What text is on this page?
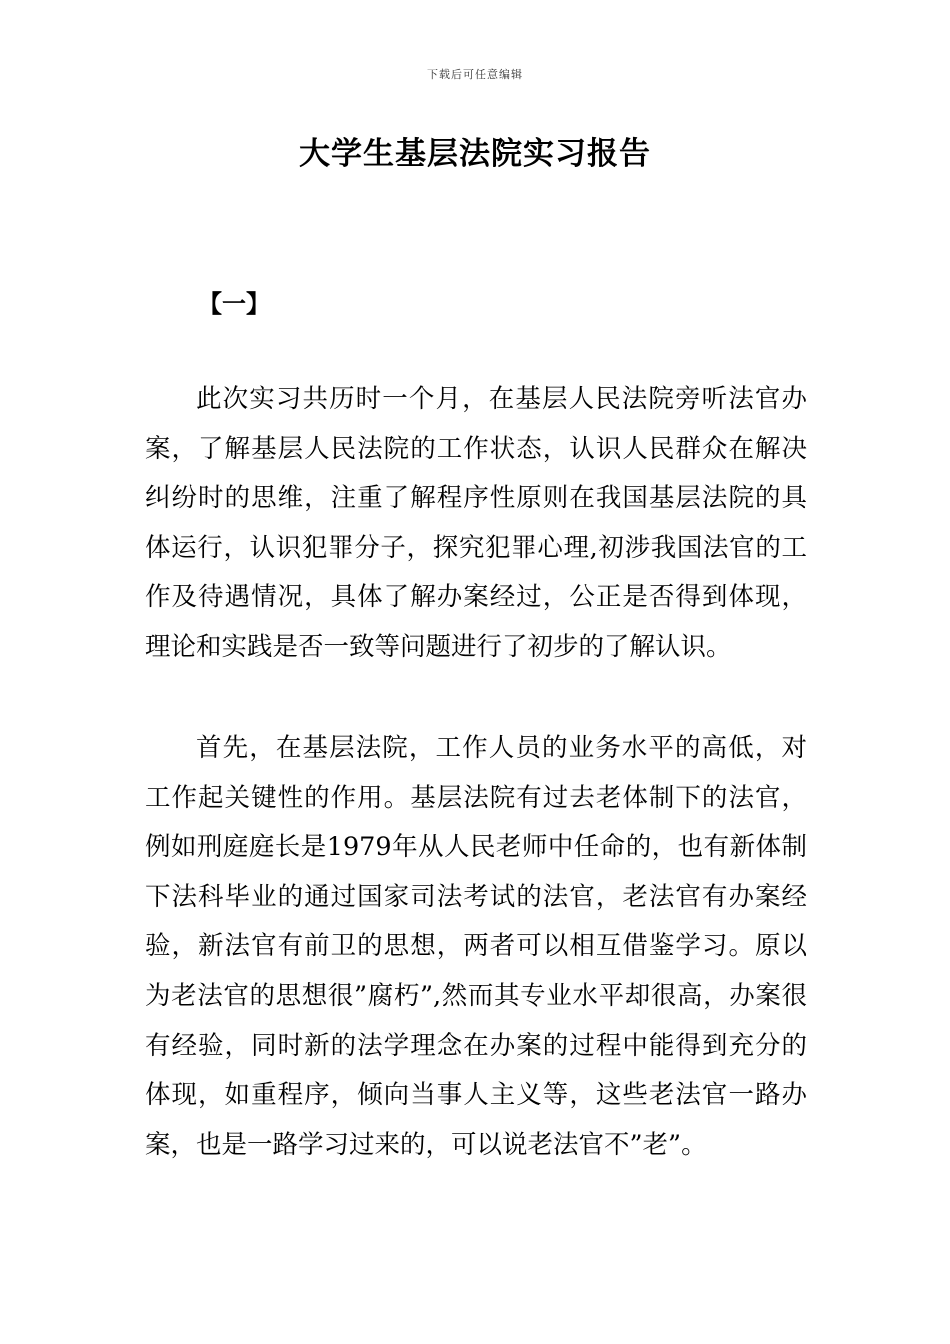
下载后可任意编辑
大学生基层法院实习报告
【一】

此次实习共历时一个月，在基层人民法院旁听法官办案，了解基层人民法院的工作状态，认识人民群众在解决纠纷时的思维，注重了解程序性原则在我国基层法院的具体运行，认识犯罪分子，探究犯罪心理,初涉我国法官的工作及待遇情况，具体了解办案经过，公正是否得到体现，理论和实践是否一致等问题进行了初步的了解认识。

首先，在基层法院，工作人员的业务水平的高低，对工作起关键性的作用。基层法院有过去老体制下的法官，例如刑庭庭长是1979年从人民老师中任命的，也有新体制下法科毕业的通过国家司法考试的法官，老法官有办案经验，新法官有前卫的思想，两者可以相互借鉴学习。原以为老法官的思想很”腐朽”,然而其专业水平却很高，办案很有经验，同时新的法学理念在办案的过程中能得到充分的体现，如重程序，倾向当事人主义等，这些老法官一路办案，也是一路学习过来的，可以说老法官不”老”。
